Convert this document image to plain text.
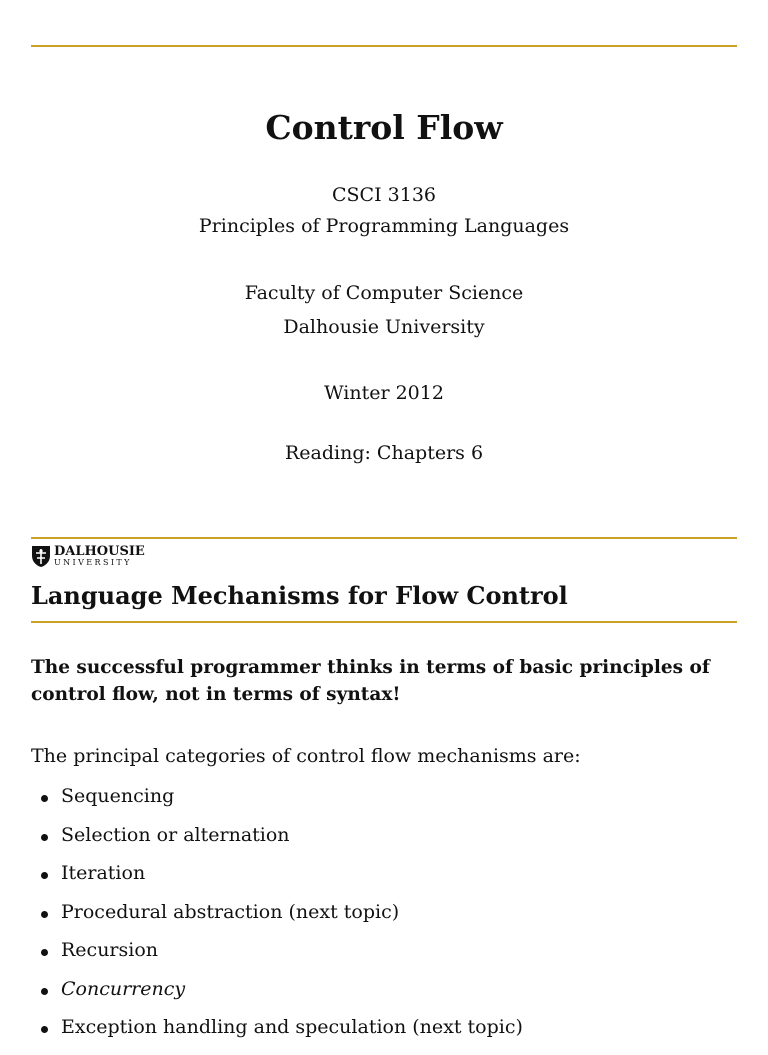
Control Flow
CSCI 3136
Principles of Programming Languages
Faculty of Computer Science
Dalhousie University
Winter 2012
Reading: Chapters 6
DALHOUSIE
UNIVERSITY
Language Mechanisms for Flow Control
The successful programmer thinks in terms of basic principles of control flow, not in terms of syntax!
The principal categories of control flow mechanisms are:
Sequencing
Selection or alternation
Iteration
Procedural abstraction (next topic)
Recursion
Concurrency
Exception handling and speculation (next topic)
